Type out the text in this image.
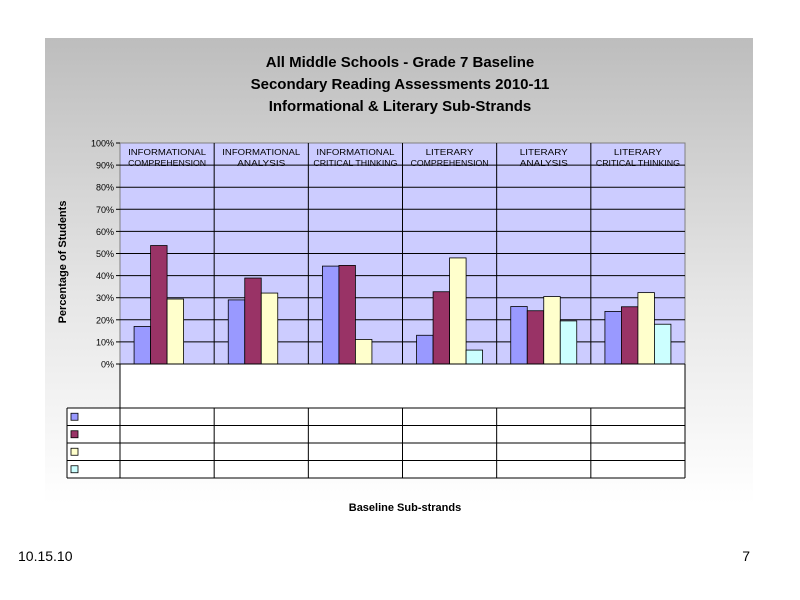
0%
10%
20%
30%
40%
50%
60%
70%
80%
90%
100%
INFORMATIONAL
COMPREHENSION
INFORMATIONAL
ANALYSIS
INFORMATIONAL
CRITICAL THINKING
LITERARY
COMPREHENSION
LITERARY
ANALYSIS
LITERARY
CRITICAL THINKING
All Middle Schools - Grade 7 Baseline
Secondary Reading Assessments 2010-11
Informational & Literary Sub-Strands
Percentage of Students
Baseline Sub-strands
10.15.10	7
